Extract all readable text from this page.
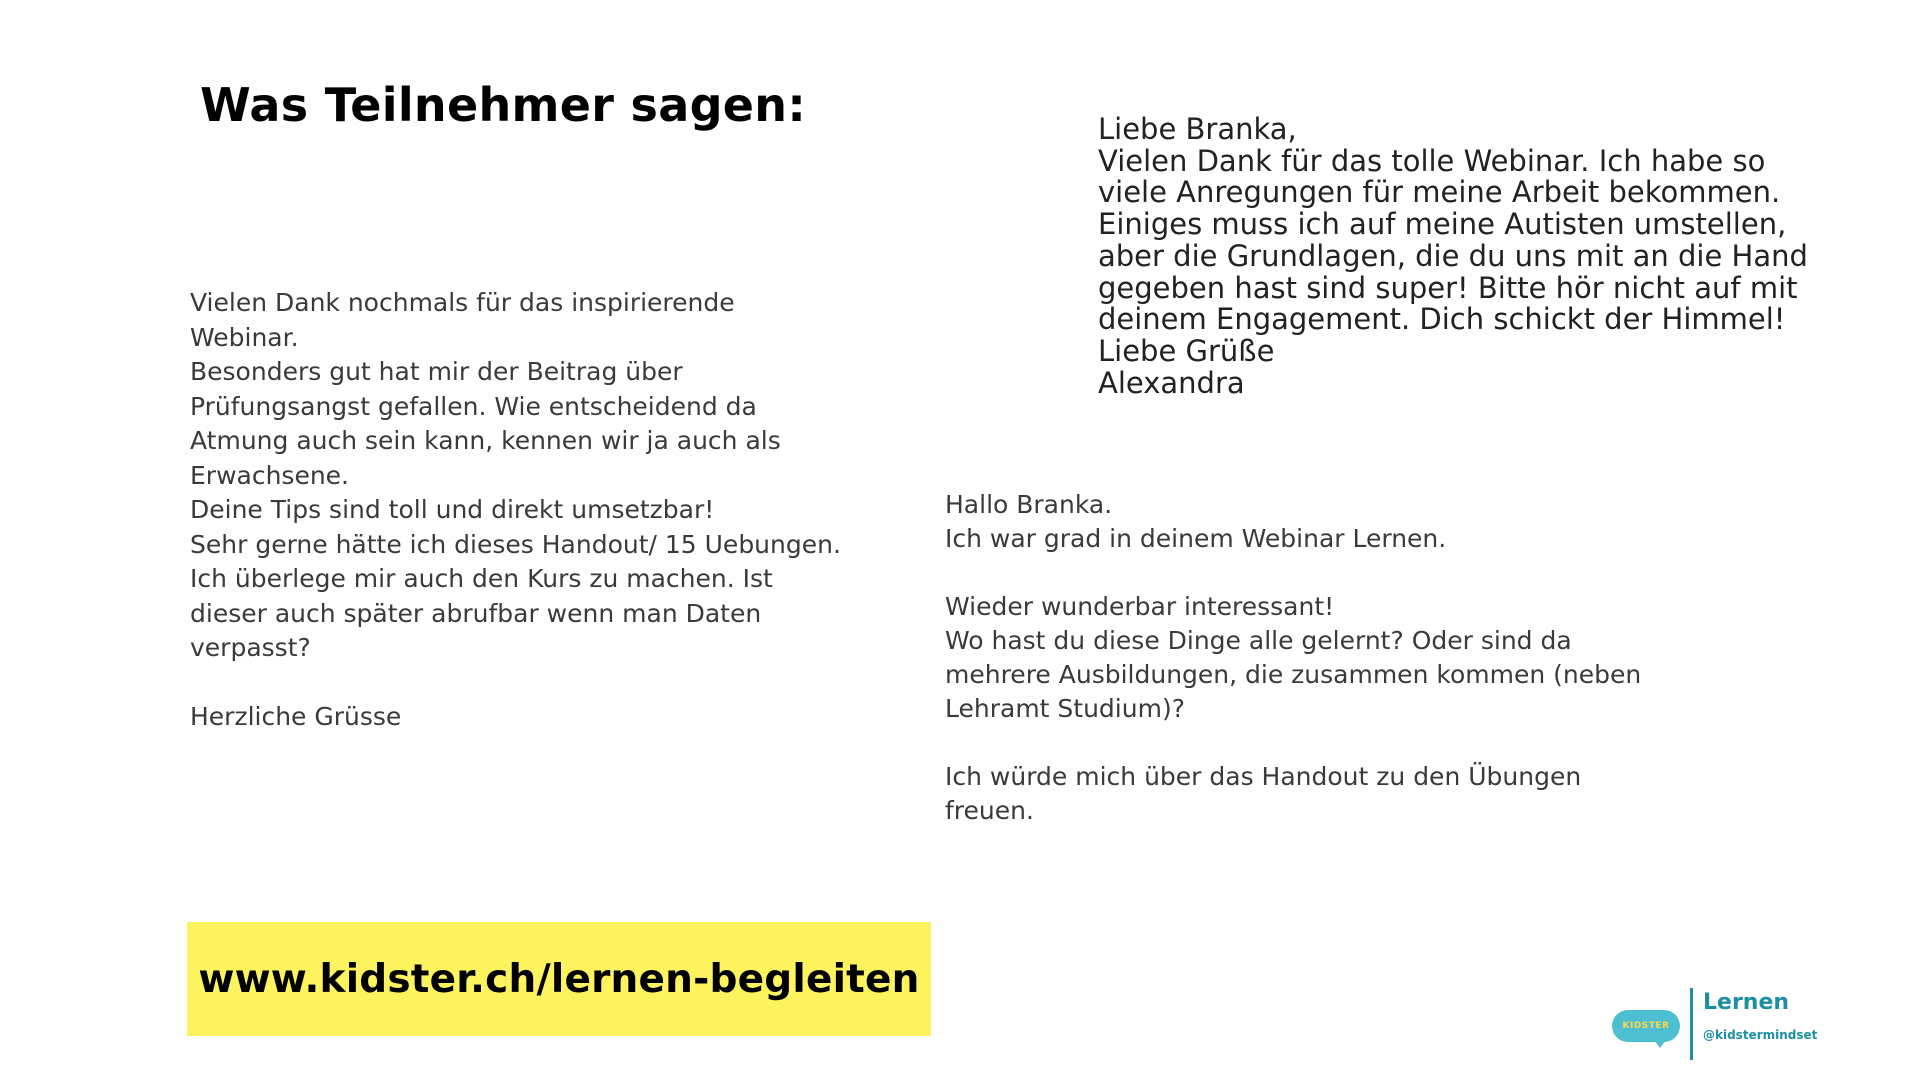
Was Teilnehmer sagen:

Vielen Dank nochmals für das inspirierende
Webinar.
Besonders gut hat mir der Beitrag über
Prüfungsangst gefallen. Wie entscheidend da
Atmung auch sein kann, kennen wir ja auch als
Erwachsene.
Deine Tips sind toll und direkt umsetzbar!
Sehr gerne hätte ich dieses Handout/ 15 Uebungen.
Ich überlege mir auch den Kurs zu machen. Ist
dieser auch später abrufbar wenn man Daten
verpasst?

Herzliche Grüsse

Liebe Branka,
Vielen Dank für das tolle Webinar. Ich habe so
viele Anregungen für meine Arbeit bekommen.
Einiges muss ich auf meine Autisten umstellen,
aber die Grundlagen, die du uns mit an die Hand
gegeben hast sind super! Bitte hör nicht auf mit
deinem Engagement. Dich schickt der Himmel!
Liebe Grüße
Alexandra

Hallo Branka.
Ich war grad in deinem Webinar Lernen.

Wieder wunderbar interessant!
Wo hast du diese Dinge alle gelernt? Oder sind da
mehrere Ausbildungen, die zusammen kommen (neben
Lehramt Studium)?

Ich würde mich über das Handout zu den Übungen
freuen.

www.kidster.ch/lernen-begleiten
KIDSTER
Lernen
@kidstermindset
